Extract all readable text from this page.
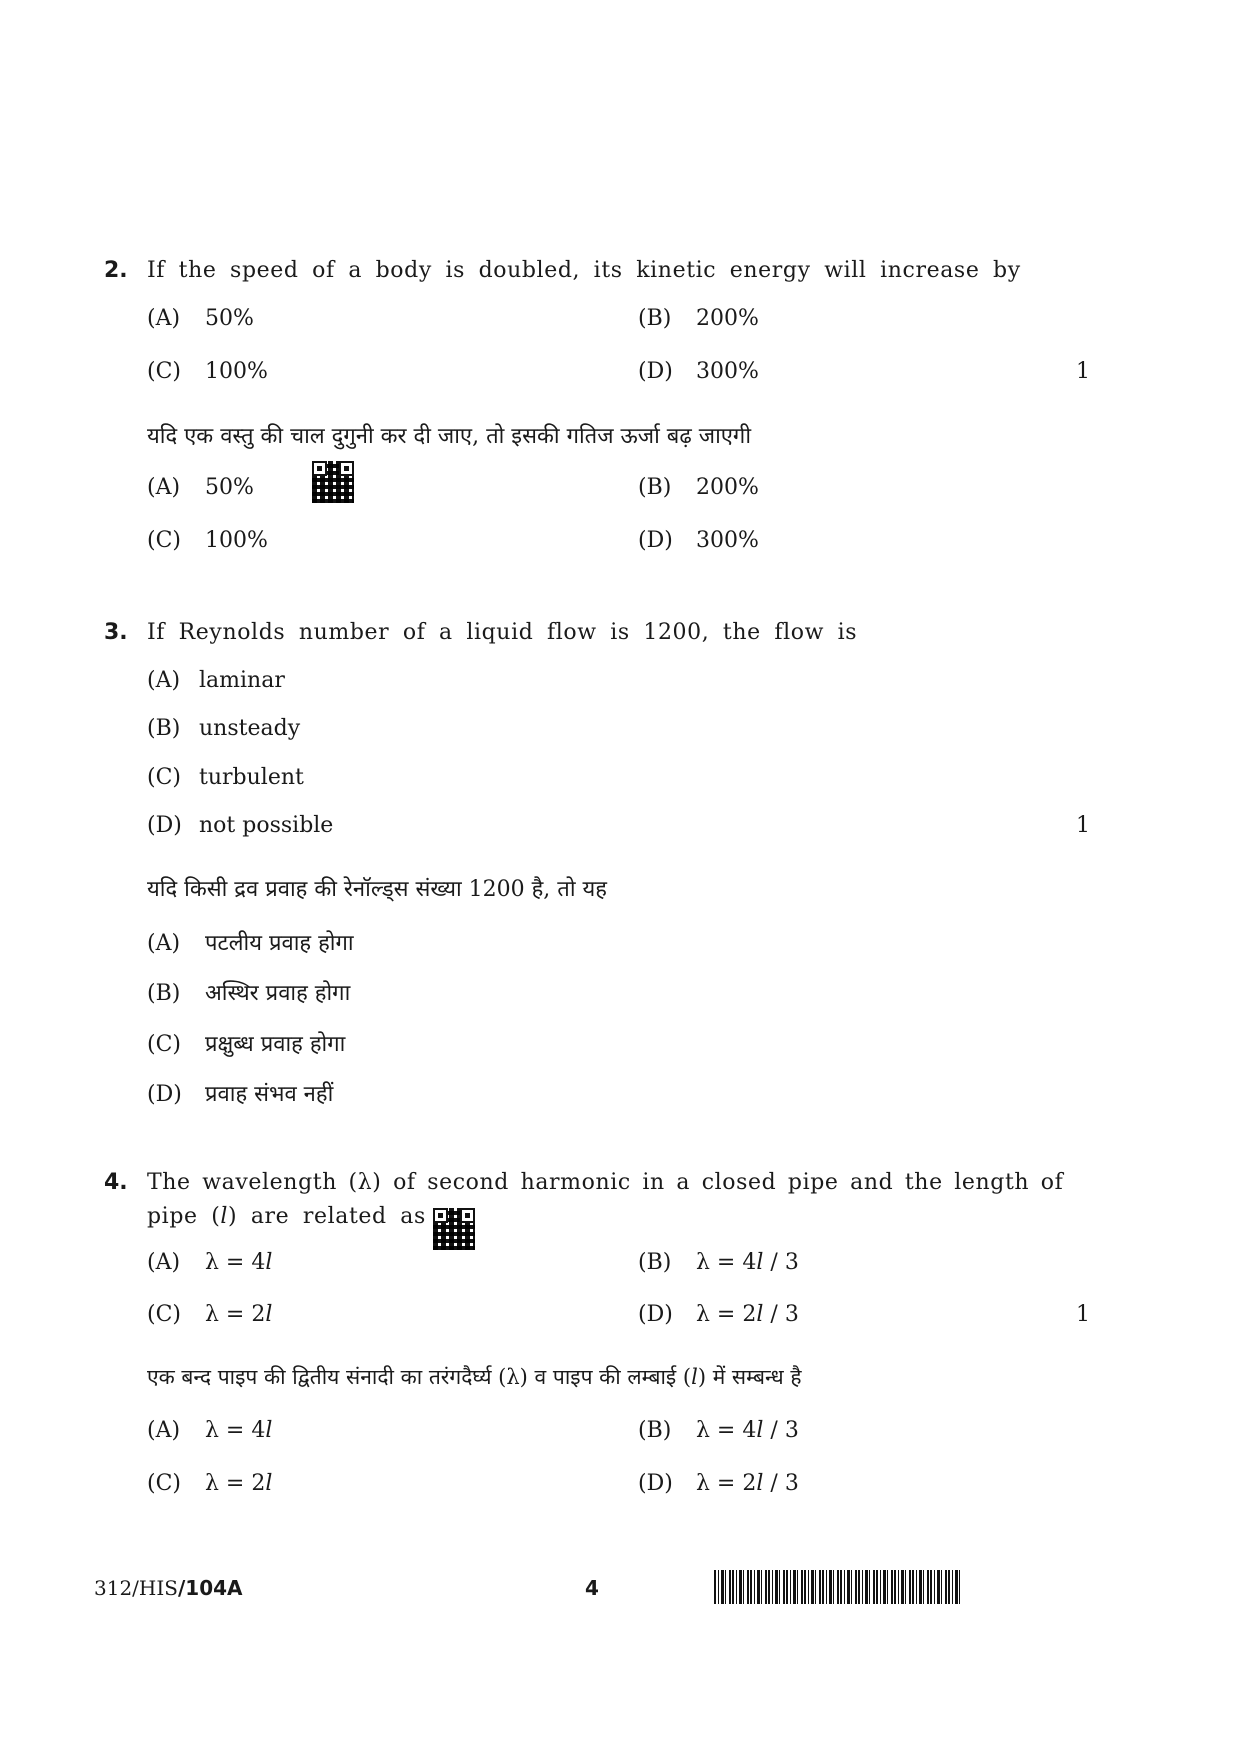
2. If the speed of a body is doubled, its kinetic energy will increase by
(A) 50%	(B) 200%
(C) 100%	(D) 300%	1
यदि एक वस्तु की चाल दुगुनी कर दी जाए, तो इसकी गतिज ऊर्जा बढ़ जाएगी
(A) 50%	(B) 200%
(C) 100%	(D) 300%
3. If Reynolds number of a liquid flow is 1200, the flow is
(A) laminar
(B) unsteady
(C) turbulent
(D) not possible	1
यदि किसी द्रव प्रवाह की रेनॉल्ड्स संख्या 1200 है, तो यह
(A) पटलीय प्रवाह होगा
(B) अस्थिर प्रवाह होगा
(C) प्रक्षुब्ध प्रवाह होगा
(D) प्रवाह संभव नहीं
4. The wavelength (λ) of second harmonic in a closed pipe and the length of
pipe (l) are related as
(A) λ = 4l	(B) λ = 4l / 3
(C) λ = 2l	(D) λ = 2l / 3	1
एक बन्द पाइप की द्वितीय संनादी का तरंगदैर्घ्य (λ) व पाइप की लम्बाई (l) में सम्बन्ध है
(A) λ = 4l	(B) λ = 4l / 3
(C) λ = 2l	(D) λ = 2l / 3
312/HIS/104A	4
